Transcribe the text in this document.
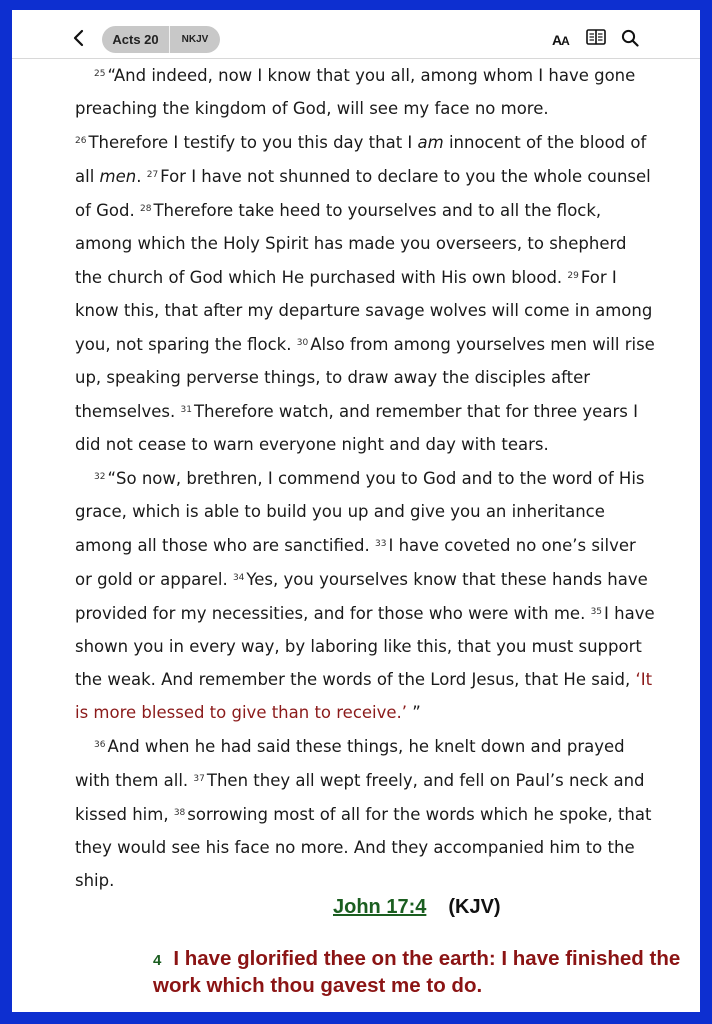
Acts 20	NKJV	AA

$^{25}$ “And indeed, now I know that you all, among whom I have gone preaching the kingdom of God, will see my face no more.
$^{26}$ Therefore I testify to you this day that I am innocent of the blood of all men. $^{27}$ For I have not shunned to declare to you the whole counsel of God. $^{28}$ Therefore take heed to yourselves and to all the flock, among which the Holy Spirit has made you overseers, to shepherd the church of God which He purchased with His own blood. $^{29}$ For I know this, that after my departure savage wolves will come in among you, not sparing the flock. $^{30}$ Also from among yourselves men will rise up, speaking perverse things, to draw away the disciples after themselves. $^{31}$ Therefore watch, and remember that for three years I did not cease to warn everyone night and day with tears.

$^{32}$ “So now, brethren, I commend you to God and to the word of His grace, which is able to build you up and give you an inheritance among all those who are sanctified. $^{33}$ I have coveted no one’s silver or gold or apparel. $^{34}$ Yes, you yourselves know that these hands have provided for my necessities, and for those who were with me. $^{35}$ I have shown you in every way, by laboring like this, that you must support the weak. And remember the words of the Lord Jesus, that He said, ‘It is more blessed to give than to receive.’ ”

$^{36}$ And when he had said these things, he knelt down and prayed with them all. $^{37}$ Then they all wept freely, and fell on Paul’s neck and kissed him, $^{38}$ sorrowing most of all for the words which he spoke, that they would see his face no more. And they accompanied him to the ship.

John 17:4 (KJV)
4 I have glorified thee on the earth: I have finished the work which thou gavest me to do.
